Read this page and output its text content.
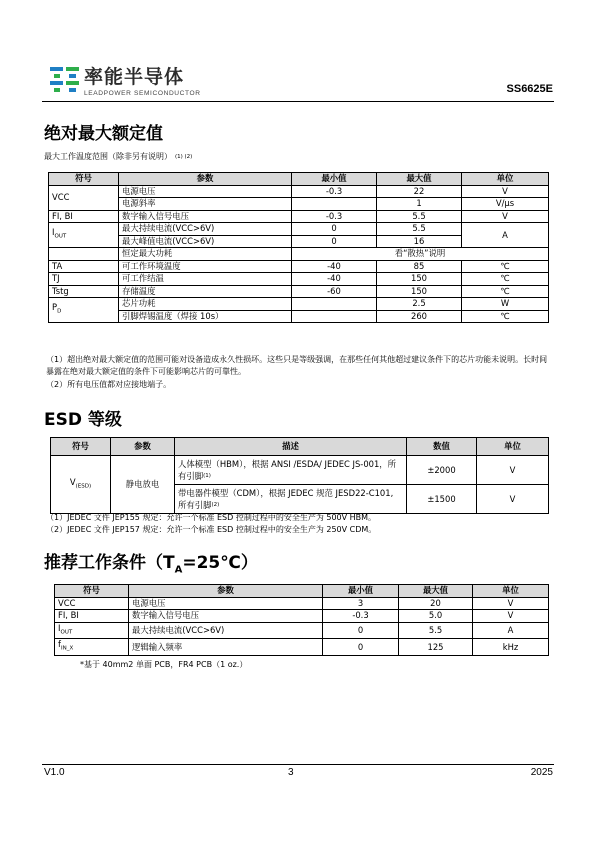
率能半导体
LEADPOWER SEMICONDUCTOR	SS6625E
绝对最大额定值
最大工作温度范围（除非另有说明） $^{(1) (2)}$
符号	参数	最小值	最大值	单位
VCC	电源电压	-0.3	22	V
	电源斜率		1	V/μs
FI, BI	数字输入信号电压	-0.3	5.5	V
$I_{OUT}$	最大持续电流(VCC>6V)	0	5.5	A
	最大峰值电流(VCC>6V)	0	16	
	恒定最大功耗	看“散热”说明		
TA	可工作环境温度	-40	85	℃
TJ	可工作结温	-40	150	℃
Tstg	存储温度	-60	150	℃
$P_D$	芯片功耗		2.5	W
	引脚焊锡温度（焊接 10s）		260	℃
（1）超出绝对最大额定值的范围可能对设备造成永久性损坏。这些只是等级强调，在那些任何其他超过建议条件下的芯片功能未说明。长时间暴露在绝对最大额定值的条件下可能影响芯片的可靠性。
（2）所有电压值都对应接地端子。
ESD 等级
符号	参数	描述	数值	单位
$V_{(ESD)}$	静电放电	人体模型（HBM），根据 ANSI /ESDA/ JEDEC JS-001，所有引脚$^{(1)}$	±2000	V
		带电器件模型（CDM），根据 JEDEC 规范 JESD22-C101, 所有引脚$^{(2)}$	±1500	V
（1）JEDEC 文件 JEP155 规定：允许一个标准 ESD 控制过程中的安全生产为 500V HBM。
（2）JEDEC 文件 JEP157 规定：允许一个标准 ESD 控制过程中的安全生产为 250V CDM。
推荐工作条件$(T_A=25℃)$
符号	参数	最小值	最大值	单位
VCC	电源电压	3	20	V
FI, BI	数字输入信号电压	-0.3	5.0	V
$I_{OUT}$	最大持续电流(VCC>6V)	0	5.5	A
$f_{IN\_X}$	逻辑输入频率	0	125	kHz
*基于 40mm2 单面 PCB，FR4 PCB（1 oz.）
V1.0	3	2025
